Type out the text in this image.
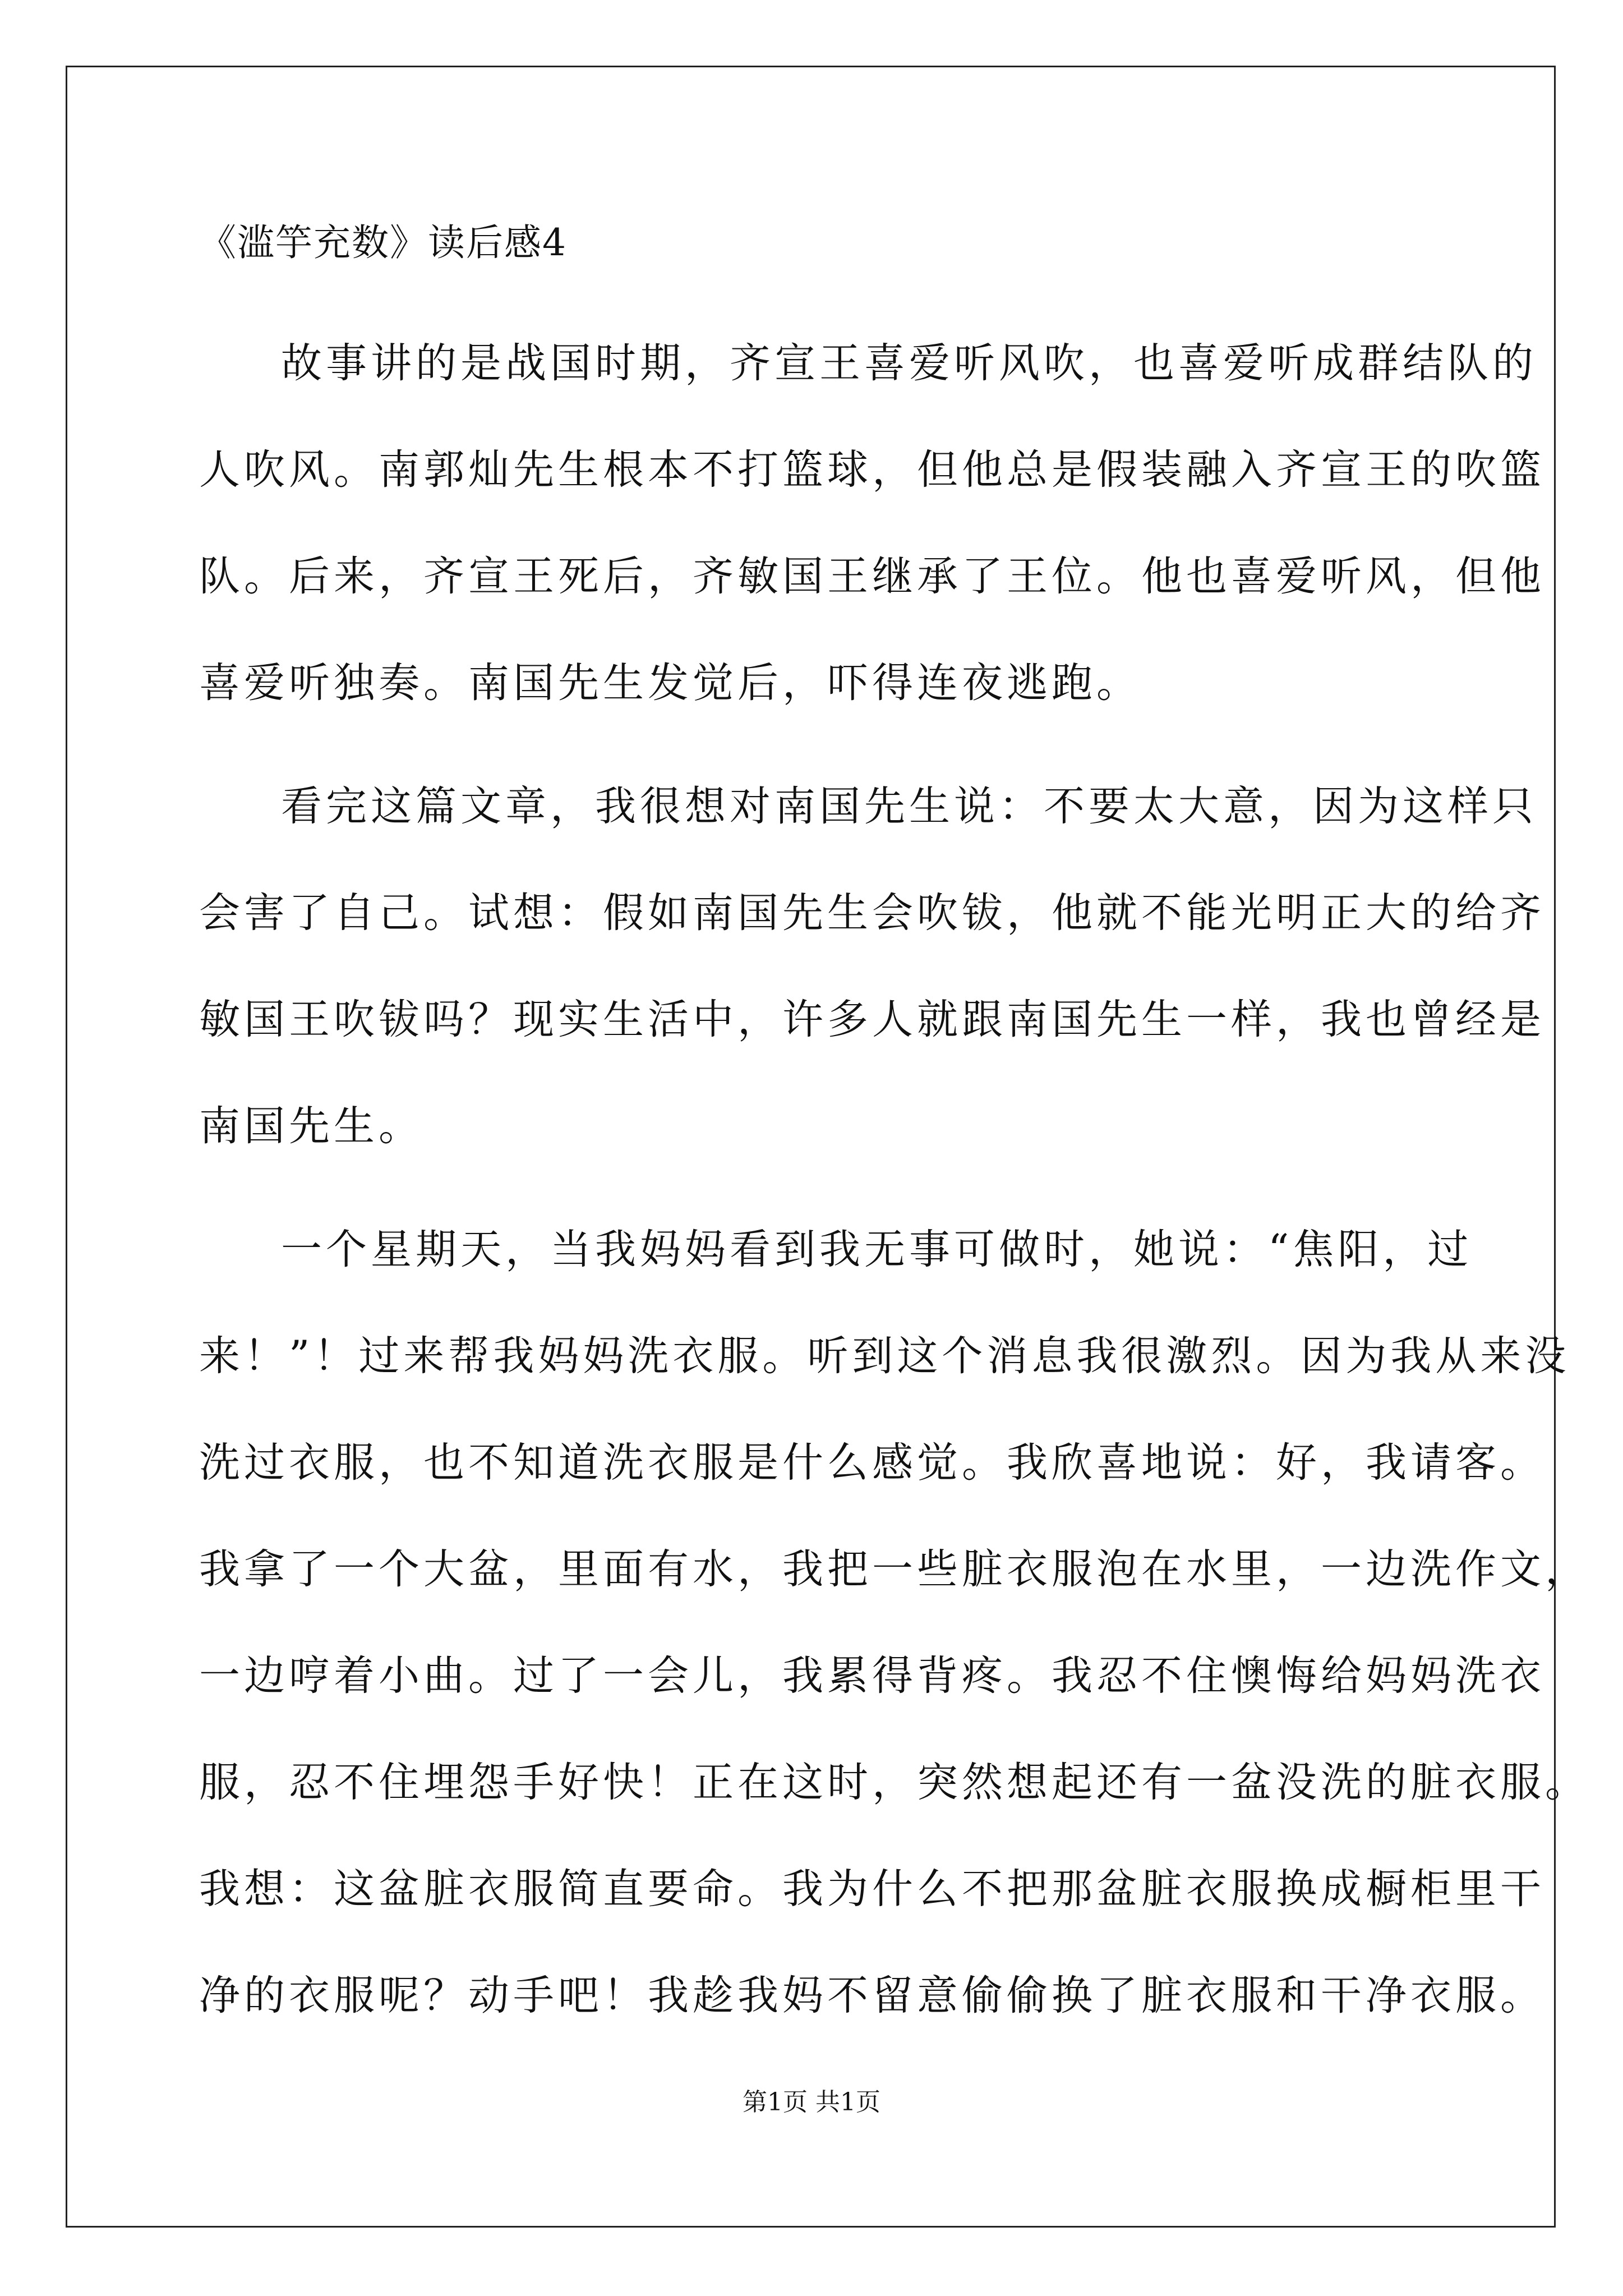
《滥竽充数》读后感4
故事讲的是战国时期，齐宣王喜爱听风吹，也喜爱听成群结队的
人吹风。南郭灿先生根本不打篮球，但他总是假装融入齐宣王的吹篮
队。后来，齐宣王死后，齐敏国王继承了王位。他也喜爱听风，但他
喜爱听独奏。南国先生发觉后，吓得连夜逃跑。
看完这篇文章，我很想对南国先生说：不要太大意，因为这样只
会害了自己。试想：假如南国先生会吹钹，他就不能光明正大的给齐
敏国王吹钹吗？现实生活中，许多人就跟南国先生一样，我也曾经是
南国先生。
一个星期天，当我妈妈看到我无事可做时，她说：“焦阳，过
来！”！过来帮我妈妈洗衣服。听到这个消息我很激烈。因为我从来没
洗过衣服，也不知道洗衣服是什么感觉。我欣喜地说：好，我请客。
我拿了一个大盆，里面有水，我把一些脏衣服泡在水里，一边洗作文，
一边哼着小曲。过了一会儿，我累得背疼。我忍不住懊悔给妈妈洗衣
服，忍不住埋怨手好快！正在这时，突然想起还有一盆没洗的脏衣服。
我想：这盆脏衣服简直要命。我为什么不把那盆脏衣服换成橱柜里干
净的衣服呢？动手吧！我趁我妈不留意偷偷换了脏衣服和干净衣服。
第1页 共1页
